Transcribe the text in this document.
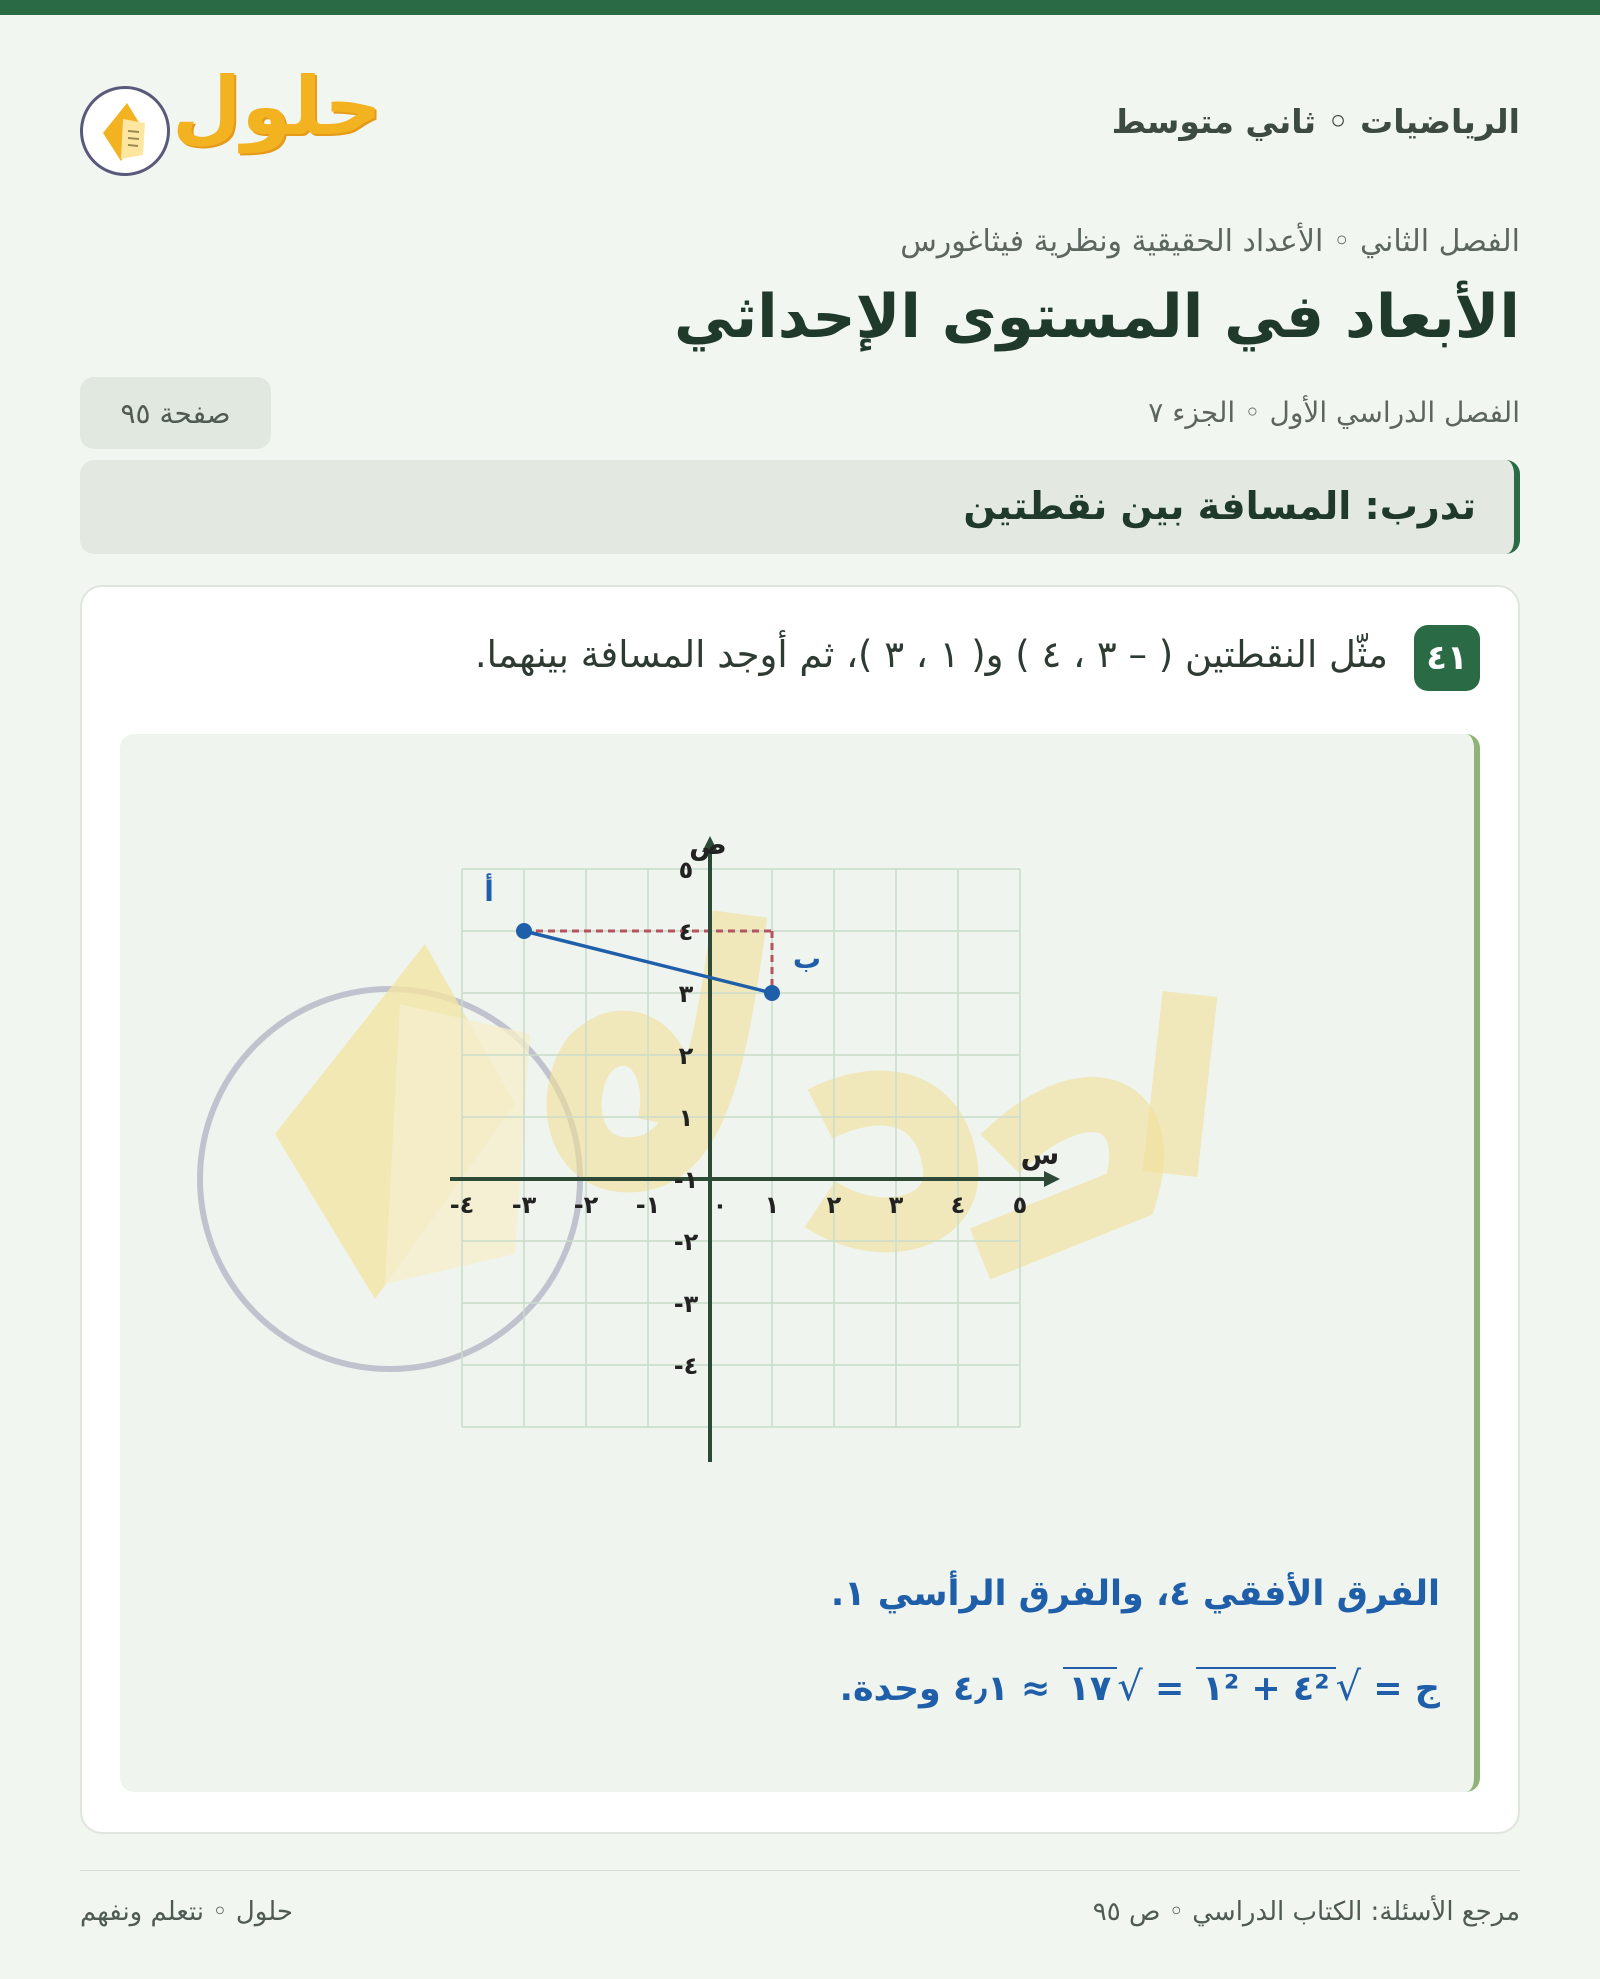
الرياضيات ◦ ثاني متوسط
حلول
الفصل الثاني ◦ الأعداد الحقيقية ونظرية فيثاغورس
الأبعاد في المستوى الإحداثي
الفصل الدراسي الأول ◦ الجزء ٧
صفحة ٩٥
تدرب: المسافة بين نقطتين
٤١
مثّل النقطتين ( – ٣ ، ٤ ) و( ١ ، ٣ )، ثم أوجد المسافة بينهما.
-٤ -٣ -٢ -١ ٠ ١ ٢ ٣ ٤ ٥
٥
٤
٣
٢
١
-١
-٢
-٣
-٤
أ
ب
س
ص
الفرق الأفقي ٤، والفرق الرأسي ١.
ج = √٤² + ١² = √١٧ ≈ ٤٫١ وحدة.
حلول ◦ نتعلم ونفهم	مرجع الأسئلة: الكتاب الدراسي ◦ ص ٩٥
